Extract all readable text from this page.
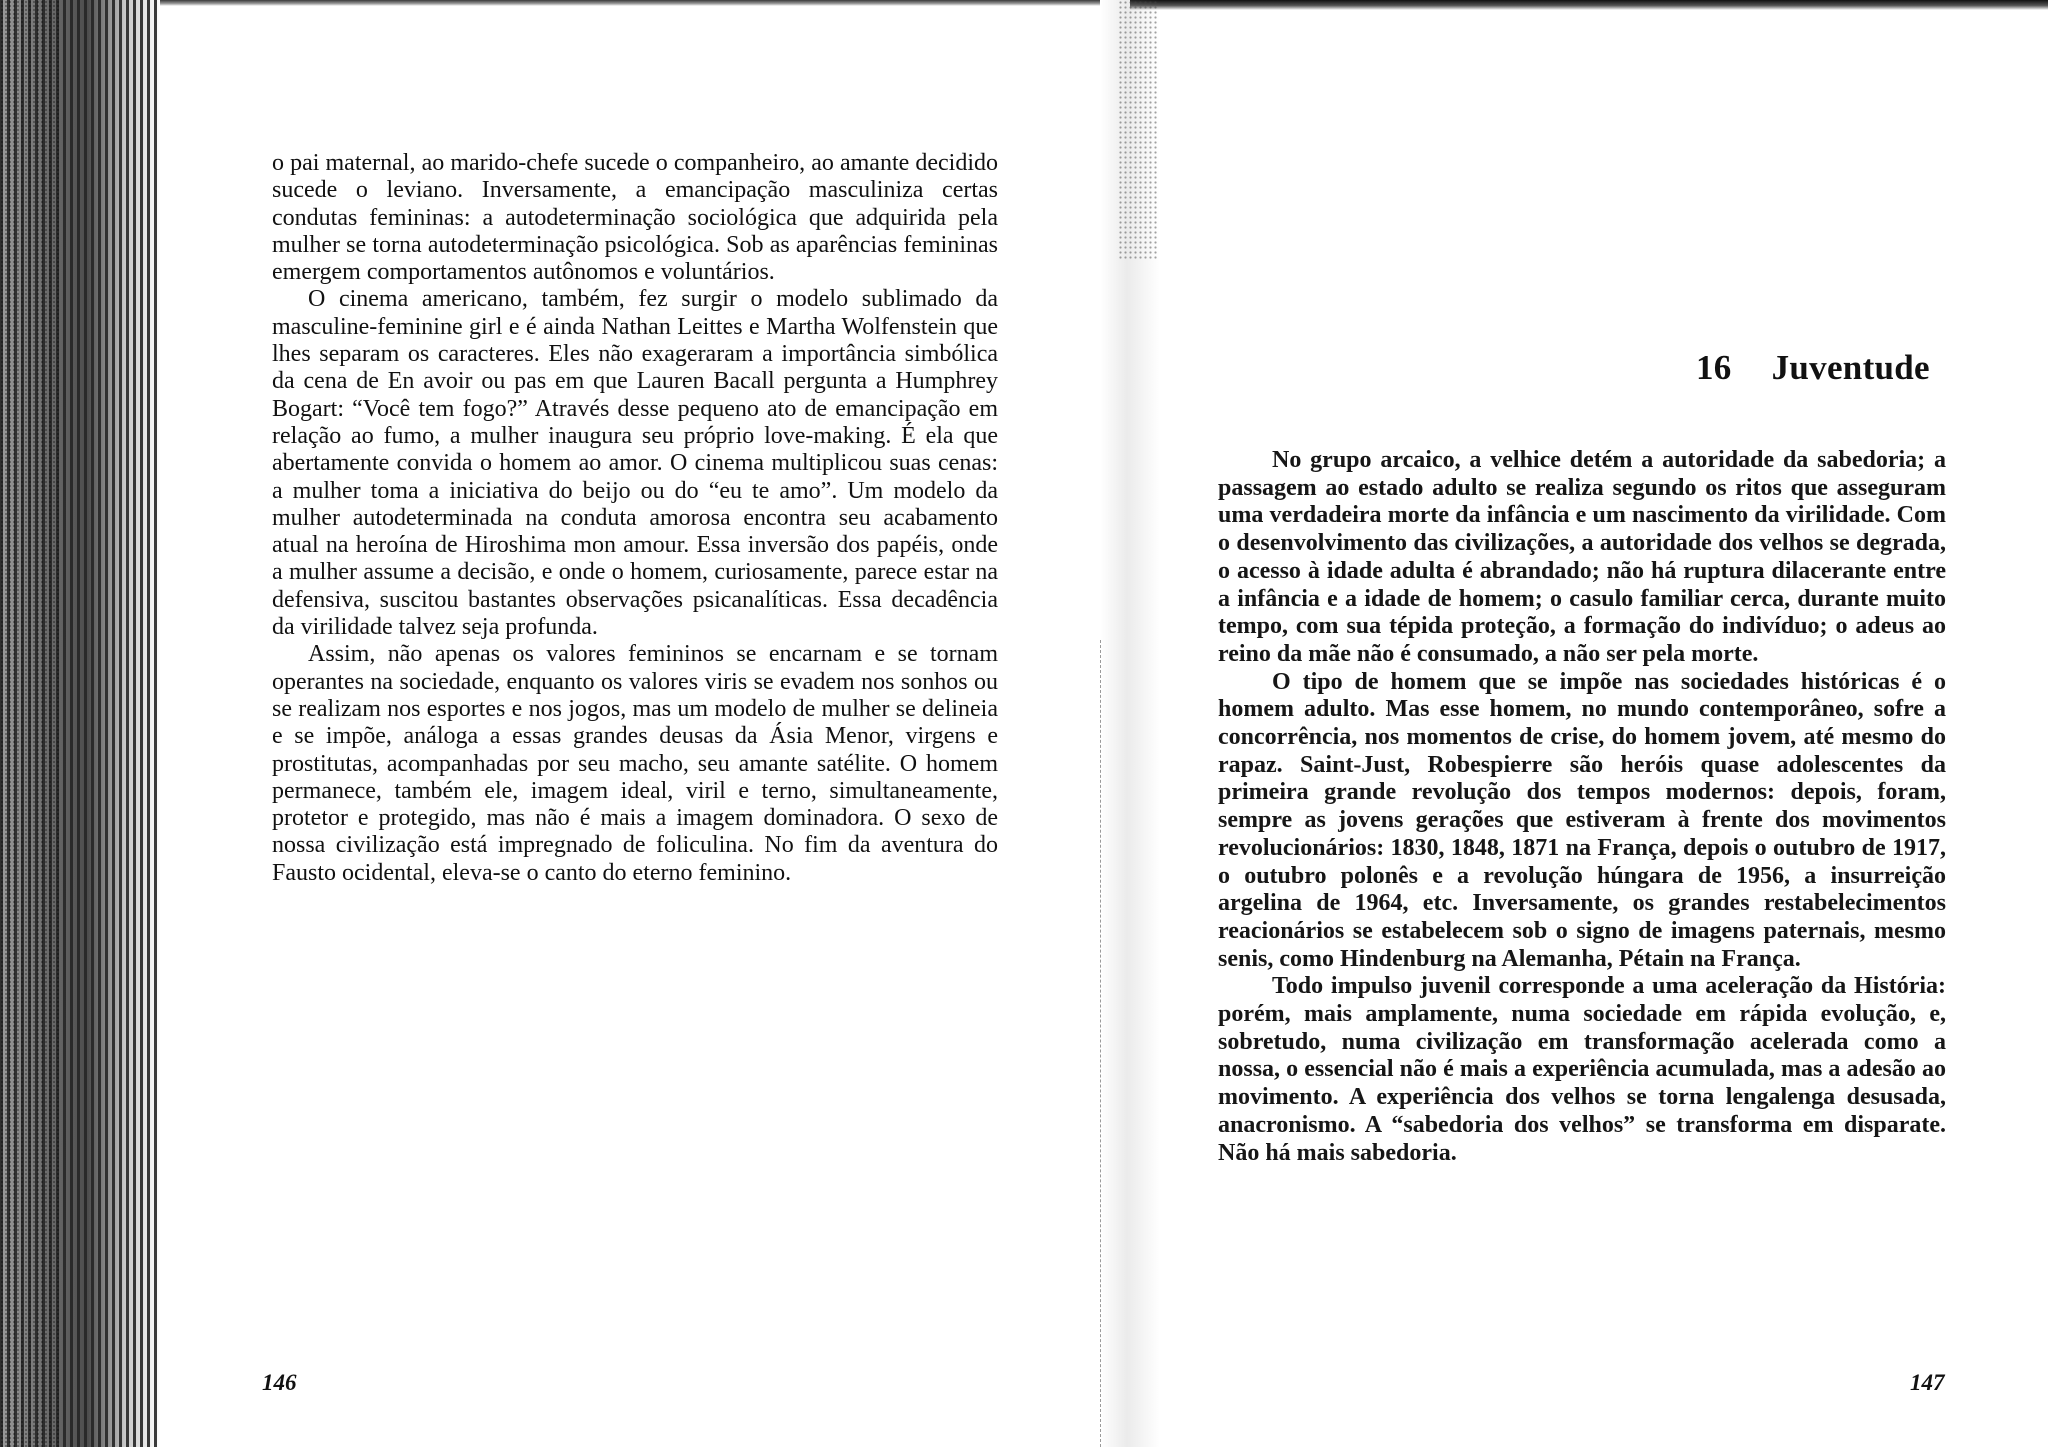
o pai maternal, ao marido-chefe sucede o companheiro, ao amante decidido sucede o leviano. Inversamente, a emancipação masculiniza certas condutas femininas: a autodeterminação sociológica que adquirida pela mulher se torna autodeterminação psicológica. Sob as aparências femininas emergem comportamentos autônomos e voluntários.

O cinema americano, também, fez surgir o modelo sublimado da masculine-feminine girl e é ainda Nathan Leittes e Martha Wolfenstein que lhes separam os caracteres. Eles não exageraram a importância simbólica da cena de En avoir ou pas em que Lauren Bacall pergunta a Humphrey Bogart: “Você tem fogo?” Através desse pequeno ato de emancipação em relação ao fumo, a mulher inaugura seu próprio love-making. É ela que abertamente convida o homem ao amor. O cinema multiplicou suas cenas: a mulher toma a iniciativa do beijo ou do “eu te amo”. Um modelo da mulher autodeterminada na conduta amorosa encontra seu acabamento atual na heroína de Hiroshima mon amour. Essa inversão dos papéis, onde a mulher assume a decisão, e onde o homem, curiosamente, parece estar na defensiva, suscitou bastantes observações psicanalíticas. Essa decadência da virilidade talvez seja profunda.

Assim, não apenas os valores femininos se encarnam e se tornam operantes na sociedade, enquanto os valores viris se evadem nos sonhos ou se realizam nos esportes e nos jogos, mas um modelo de mulher se delineia e se impõe, análoga a essas grandes deusas da Ásia Menor, virgens e prostitutas, acompanhadas por seu macho, seu amante satélite. O homem permanece, também ele, imagem ideal, viril e terno, simultaneamente, protetor e protegido, mas não é mais a imagem dominadora. O sexo de nossa civilização está impregnado de foliculina. No fim da aventura do Fausto ocidental, eleva-se o canto do eterno feminino.

146
16 Juventude

No grupo arcaico, a velhice detém a autoridade da sabedoria; a passagem ao estado adulto se realiza segundo os ritos que asseguram uma verdadeira morte da infância e um nascimento da virilidade. Com o desenvolvimento das civilizações, a autoridade dos velhos se degrada, o acesso à idade adulta é abrandado; não há ruptura dilacerante entre a infância e a idade de homem; o casulo familiar cerca, durante muito tempo, com sua tépida proteção, a formação do indivíduo; o adeus ao reino da mãe não é consumado, a não ser pela morte.

O tipo de homem que se impõe nas sociedades históricas é o homem adulto. Mas esse homem, no mundo contemporâneo, sofre a concorrência, nos momentos de crise, do homem jovem, até mesmo do rapaz. Saint-Just, Robespierre são heróis quase adolescentes da primeira grande revolução dos tempos modernos: depois, foram, sempre as jovens gerações que estiveram à frente dos movimentos revolucionários: 1830, 1848, 1871 na França, depois o outubro de 1917, o outubro polonês e a revolução húngara de 1956, a insurreição argelina de 1964, etc. Inversamente, os grandes restabelecimentos reacionários se estabelecem sob o signo de imagens paternais, mesmo senis, como Hindenburg na Alemanha, Pétain na França.

Todo impulso juvenil corresponde a uma aceleração da História: porém, mais amplamente, numa sociedade em rápida evolução, e, sobretudo, numa civilização em transformação acelerada como a nossa, o essencial não é mais a experiência acumulada, mas a adesão ao movimento. A experiência dos velhos se torna lengalenga desusada, anacronismo. A “sabedoria dos velhos” se transforma em disparate. Não há mais sabedoria.

147
